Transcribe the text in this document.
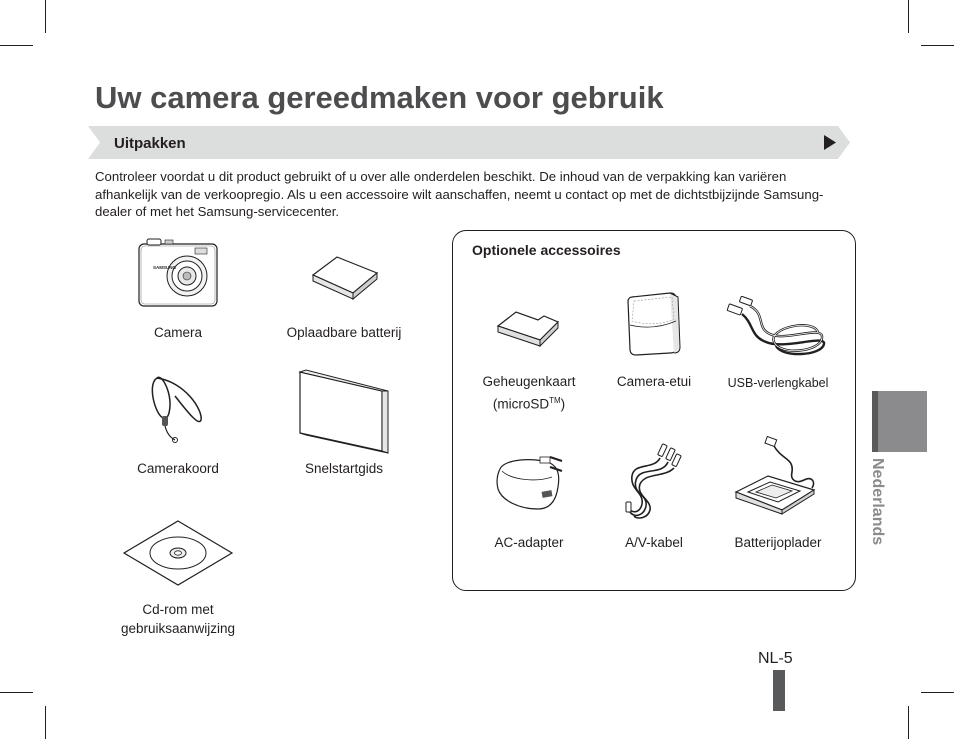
Uw camera gereedmaken voor gebruik
Uitpakken
Controleer voordat u dit product gebruikt of u over alle onderdelen beschikt. De inhoud van de verpakking kan variëren afhankelijk van de verkoopregio. Als u een accessoire wilt aanschaffen, neemt u contact op met de dichtstbijzijnde Samsung-dealer of met het Samsung-servicecenter.
SAMSUNG
Camera	Oplaadbare batterij
Camerakoord	Snelstartgids
Cd-rom met
gebruiksaanwijzing
Optionele accessoires
Geheugenkaart
(microSD™)
Camera-etui	USB-verlengkabel
AC-adapter	A/V-kabel	Batterijoplader	Nederlands
NL-5
